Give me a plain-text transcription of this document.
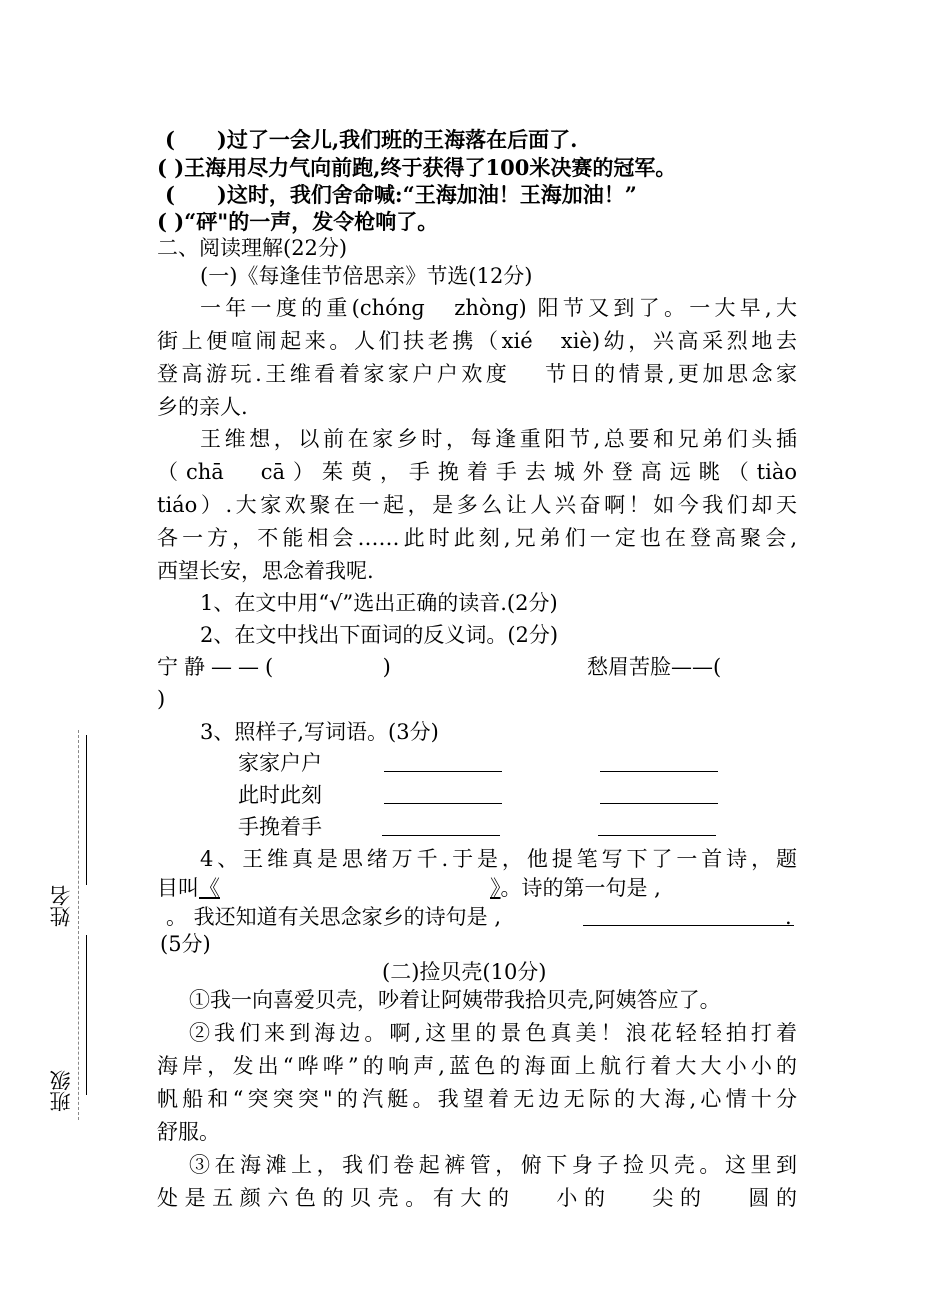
姓名
班级
(　　)过了一会儿,我们班的王海落在后面了.
( )王海用尽力气向前跑,终于获得了100米决赛的冠军。
(　　)这时，我们舍命喊:“王海加油！王海加油！”
( )“砰"的一声，发令枪响了。
二、阅读理解(22分)
(一)《每逢佳节倍思亲》节选(12分)
一年一度的重(chónɡ　zhònɡ) 阳节又到了。一大早,大
街上便喧闹起来。人们扶老携（xié　xiè)幼，兴高采烈地去
登高游玩.王维看着家家户户欢度　 节日的情景,更加思念家
乡的亲人.
王维想，以前在家乡时，每逢重阳节,总要和兄弟们头插
（chā　cā）茱萸，手挽着手去城外登高远眺（tiào
tiáo）.大家欢聚在一起，是多么让人兴奋啊！如今我们却天
各一方，不能相会……此时此刻,兄弟们一定也在登高聚会,
西望长安，思念着我呢.
1、在文中用“√”选出正确的读音.(2分)
2、在文中找出下面词的反义词。(2分)
宁静——(	)	愁眉苦脸——(
)
3、照样子,写词语。(3分)
家家户户
此时此刻
手挽着手
4、王维真是思绪万千.于是，他提笔写下了一首诗，题
目叫《	》。诗的第一句是 ,
。 我还知道有关思念家乡的诗句是 ,	.
(5分)
(二)捡贝壳(10分)
①我一向喜爱贝壳，吵着让阿姨带我拾贝壳,阿姨答应了。
②我们来到海边。啊,这里的景色真美！浪花轻轻拍打着
海岸，发出“哗哗”的响声,蓝色的海面上航行着大大小小的
帆船和“突突突"的汽艇。我望着无边无际的大海,心情十分
舒服。
③在海滩上，我们卷起裤管，俯下身子捡贝壳。这里到
处是五颜六色的贝壳。有大的　 小的　 尖的　 圆的
